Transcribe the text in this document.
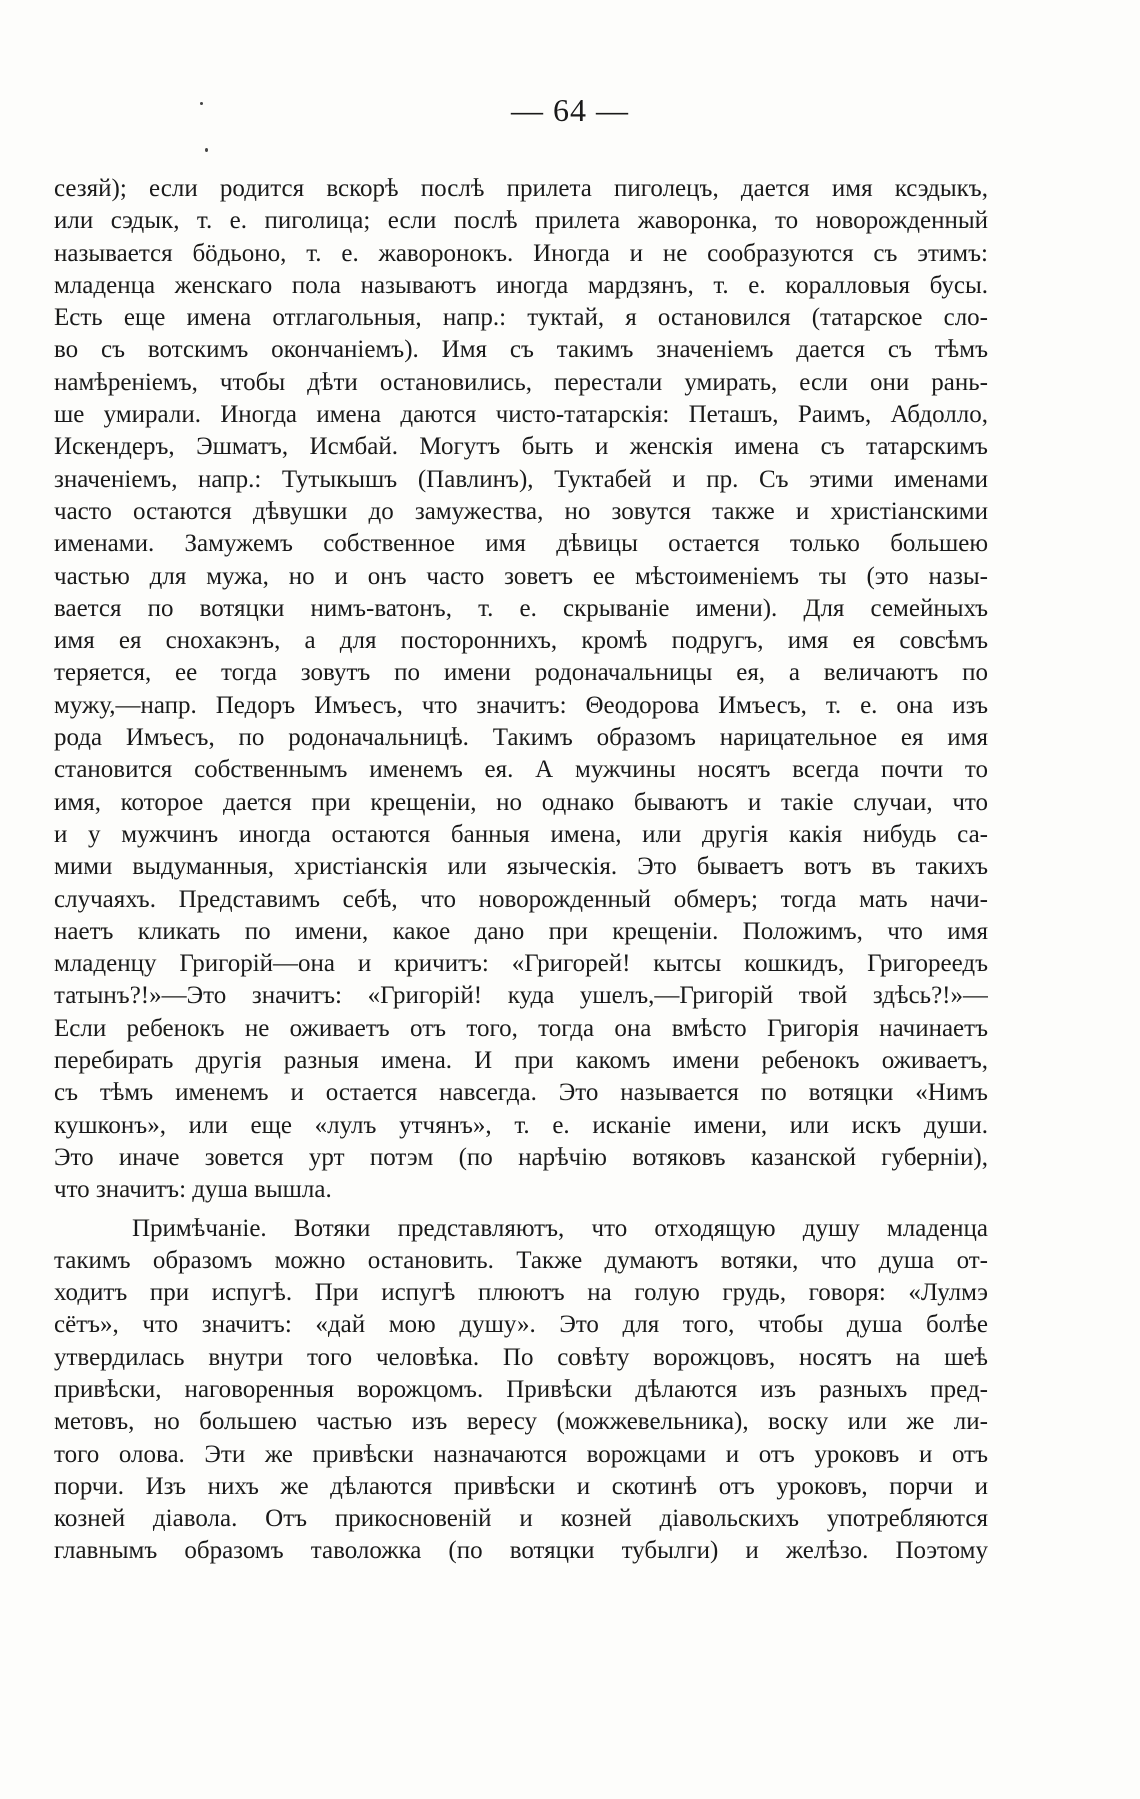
— 64 —
сезяй); если родится вскорѣ послѣ прилета пиголецъ, дается имя ксэдыкъ,
или сэдык, т. е. пиголица; если послѣ прилета жаворонка, то новорожденный
называется бöдьоно, т. е. жаворонокъ. Иногда и не сообразуются съ этимъ:
младенца женскаго пола называютъ иногда мардзянъ, т. е. коралловыя бусы.
Есть еще имена отглагольныя, напр.: туктай, я остановился (татарское сло-
во съ вотскимъ окончаніемъ). Имя съ такимъ значеніемъ дается съ тѣмъ
намѣреніемъ, чтобы дѣти остановились, перестали умирать, если они рань-
ше умирали. Иногда имена даются чисто-татарскія: Петашъ, Раимъ, Абдолло,
Искендеръ, Эшматъ, Исмбай. Могутъ быть и женскія имена съ татарскимъ
значеніемъ, напр.: Тутыкышъ (Павлинъ), Туктабей и пр. Съ этими именами
часто остаются дѣвушки до замужества, но зовутся также и христіанскими
именами. Замужемъ собственное имя дѣвицы остается только большею
частью для мужа, но и онъ часто зоветъ ее мѣстоименіемъ ты (это назы-
вается по вотяцки нимъ-ватонъ, т. е. скрываніе имени). Для семейныхъ
имя ея снохакэнъ, а для постороннихъ, кромѣ подругъ, имя ея совсѣмъ
теряется, ее тогда зовутъ по имени родоначальницы ея, а величаютъ по
мужу,—напр. Педоръ Имъесъ, что значитъ: Θеодорова Имъесъ, т. е. она изъ
рода Имъесъ, по родоначальницѣ. Такимъ образомъ нарицательное ея имя
становится собственнымъ именемъ ея. А мужчины носятъ всегда почти то
имя, которое дается при крещеніи, но однако бываютъ и такіе случаи, что
и у мужчинъ иногда остаются банныя имена, или другія какія нибудь са-
мими выдуманныя, христіанскія или языческія. Это бываетъ вотъ въ такихъ
случаяхъ. Представимъ себѣ, что новорожденный обмеръ; тогда мать начи-
наетъ кликать по имени, какое дано при крещеніи. Положимъ, что имя
младенцу Григорій—она и кричитъ: «Григорей! кытсы кошкидъ, Григореедъ
татынъ?!»—Это значитъ: «Григорій! куда ушелъ,—Григорій твой здѣсь?!»—
Если ребенокъ не оживаетъ отъ того, тогда она вмѣсто Григорія начинаетъ
перебирать другія разныя имена. И при какомъ имени ребенокъ оживаетъ,
съ тѣмъ именемъ и остается навсегда. Это называется по вотяцки «Нимъ
кушконъ», или еще «лулъ утчянъ», т. е. исканіе имени, или искъ души.
Это иначе зовется урт потэм (по нарѣчію вотяковъ казанской губерніи),
что значитъ: душа вышла.
Примѣчаніе. Вотяки представляютъ, что отходящую душу младенца
такимъ образомъ можно остановить. Также думаютъ вотяки, что душа от-
ходитъ при испугѣ. При испугѣ плюютъ на голую грудь, говоря: «Лулмэ
сётъ», что значитъ: «дай мою душу». Это для того, чтобы душа болѣе
утвердилась внутри того человѣка. По совѣту ворожцовъ, носятъ на шеѣ
привѣски, наговоренныя ворожцомъ. Привѣски дѣлаются изъ разныхъ пред-
метовъ, но большею частью изъ вересу (можжевельника), воску или же ли-
того олова. Эти же привѣски назначаются ворожцами и отъ уроковъ и отъ
порчи. Изъ нихъ же дѣлаются привѣски и скотинѣ отъ уроковъ, порчи и
козней діавола. Отъ прикосновеній и козней діавольскихъ употребляются
главнымъ образомъ таволожка (по вотяцки тубылги) и желѣзо. Поэтому
